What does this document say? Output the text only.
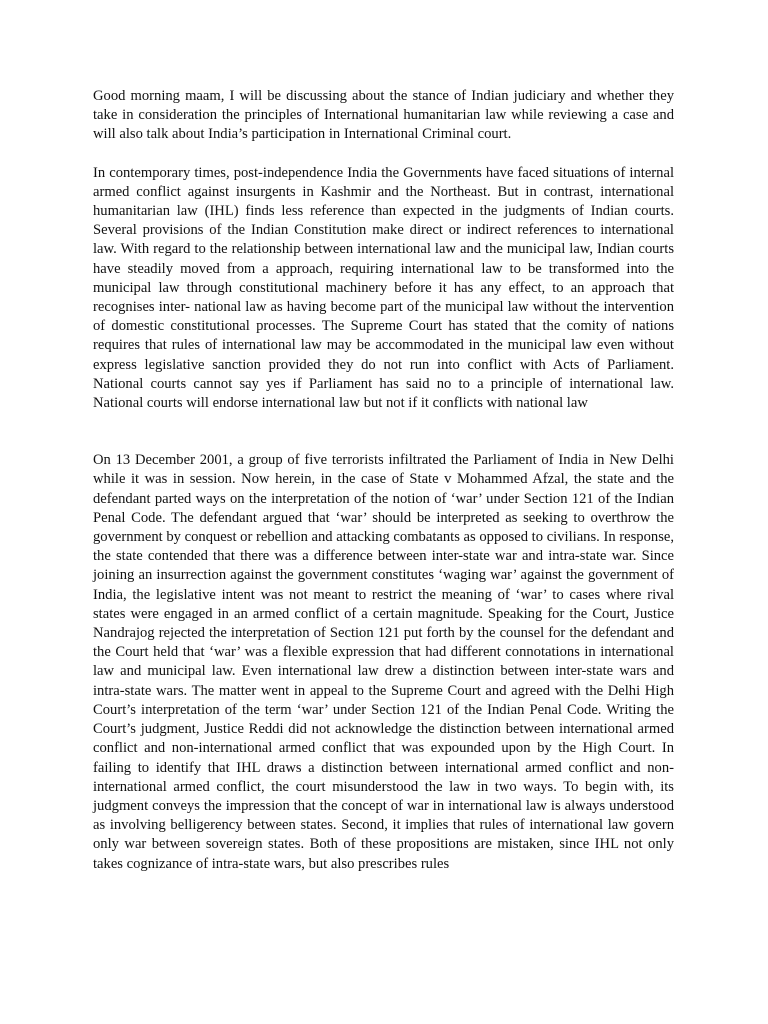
Good morning maam, I will be discussing about the stance of Indian judiciary and whether they take in consideration the principles of International humanitarian law while reviewing a case and will also talk about India’s participation in International Criminal court.

In contemporary times, post-independence India the Governments have faced situations of internal armed conflict against insurgents in Kashmir and the Northeast. But in contrast, international humanitarian law (IHL) finds less reference than expected in the judgments of Indian courts. Several provisions of the Indian Constitution make direct or indirect references to international law. With regard to the relationship between international law and the municipal law, Indian courts have steadily moved from a approach, requiring international law to be transformed into the municipal law through constitutional machinery before it has any effect, to an approach that recognises inter- national law as having become part of the municipal law without the intervention of domestic constitutional processes. The Supreme Court has stated that the comity of nations requires that rules of international law may be accommodated in the municipal law even without express legislative sanction provided they do not run into conflict with Acts of Parliament. National courts cannot say yes if Parliament has said no to a principle of international law. National courts will endorse international law but not if it conflicts with national law

On 13 December 2001, a group of five terrorists infiltrated the Parliament of India in New Delhi while it was in session. Now herein, in the case of State v Mohammed Afzal, the state and the defendant parted ways on the interpretation of the notion of ‘war’ under Section 121 of the Indian Penal Code. The defendant argued that ‘war’ should be interpreted as seeking to overthrow the government by conquest or rebellion and attacking combatants as opposed to civilians. In response, the state contended that there was a difference between inter-state war and intra-state war. Since joining an insurrection against the government constitutes ‘waging war’ against the government of India, the legislative intent was not meant to restrict the meaning of ‘war’ to cases where rival states were engaged in an armed conflict of a certain magnitude. Speaking for the Court, Justice Nandrajog rejected the interpretation of Section 121 put forth by the counsel for the defendant and the Court held that ‘war’ was a flexible expression that had different connotations in international law and municipal law. Even international law drew a distinction between inter-state wars and intra-state wars. The matter went in appeal to the Supreme Court and agreed with the Delhi High Court’s interpretation of the term ‘war’ under Section 121 of the Indian Penal Code. Writing the Court’s judgment, Justice Reddi did not acknowledge the distinction between international armed conflict and non-international armed conflict that was expounded upon by the High Court. In failing to identify that IHL draws a distinction between international armed conflict and non-international armed conflict, the court misunderstood the law in two ways. To begin with, its judgment conveys the impression that the concept of war in international law is always understood as involving belligerency between states. Second, it implies that rules of international law govern only war between sovereign states. Both of these propositions are mistaken, since IHL not only takes cognizance of intra-state wars, but also prescribes rules
